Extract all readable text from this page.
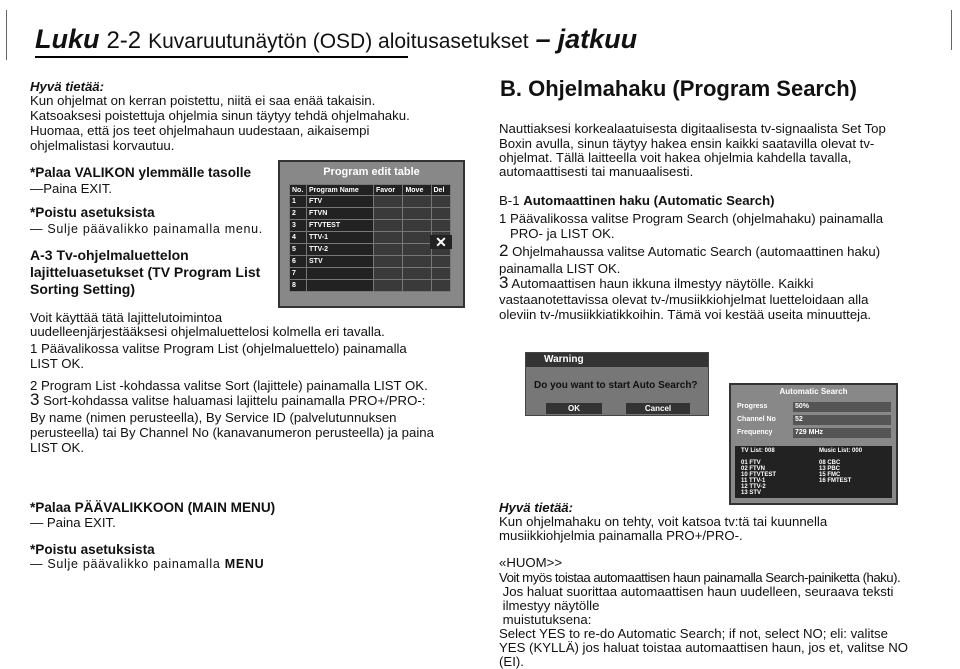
Luku 2-2 Kuvaruutunäytön (OSD) aloitusasetukset – jatkuu
Hyvä tietää:
Kun ohjelmat on kerran poistettu, niitä ei saa enää takaisin.
Katsoaksesi poistettuja ohjelmia sinun täytyy tehdä ohjelmahaku.
Huomaa, että jos teet ohjelmahaun uudestaan, aikaisempi
ohjelmalistasi korvautuu.
*Palaa VALIKON ylemmälle tasolle
—Paina EXIT.
*Poistu asetuksista
— Sulje päävalikko painamalla menu.
A-3 Tv-ohjelmaluettelon
lajitteluasetukset (TV Program List
Sorting Setting)
Voit käyttää tätä lajittelutoimintoa
uudelleenjärjestääksesi ohjelmaluettelosi kolmella eri tavalla.
1 Päävalikossa valitse Program List (ohjelmaluettelo) painamalla
LIST OK.
2 Program List -kohdassa valitse Sort (lajittele) painamalla LIST OK.
3 Sort-kohdassa valitse haluamasi lajittelu painamalla PRO+/PRO-:
By name (nimen perusteella), By Service ID (palvelutunnuksen
perusteella) tai By Channel No (kanavanumeron perusteella) ja paina
LIST OK.
*Palaa PÄÄVALIKKOON (MAIN MENU)
— Paina EXIT.
*Poistu asetuksista
— Sulje päävalikko painamalla MENU
Program edit table
No.	Program Name	Favor	Move	Del
1	FTV			
2	FTVN			
3	FTVTEST			
4	TTV-1			
5	TTV-2			
6	STV			
7				
8				
✕
B. Ohjelmahaku (Program Search)
Nauttiaksesi korkealaatuisesta digitaalisesta tv-signaalista Set Top
Boxin avulla, sinun täytyy hakea ensin kaikki saatavilla olevat tv-
ohjelmat. Tällä laitteella voit hakea ohjelmia kahdella tavalla,
automaattisesti tai manuaalisesti.
B-1 Automaattinen haku (Automatic Search)
1 Päävalikossa valitse Program Search (ohjelmahaku) painamalla
PRO- ja LIST OK.
2 Ohjelmahaussa valitse Automatic Search (automaattinen haku)
painamalla LIST OK.
3 Automaattisen haun ikkuna ilmestyy näytölle. Kaikki
vastaanotettavissa olevat tv-/musiikkiohjelmat luetteloidaan alla
oleviin tv-/musiikkiatikkoihin. Tämä voi kestää useita minuutteja.
Warning
Do you want to start Auto Search?
OK	Cancel
Automatic Search
Progress	50%
Channel No	52
Frequency	729 MHz
TV List: 008

01 FTV
02 FTVN
10 FTVTEST
11 TTV-1
12 TTV-2
13 STV
Music List: 000

08 CBC
13 PBC
15 FMC
16 FMTEST
Hyvä tietää:
Kun ohjelmahaku on tehty, voit katsoa tv:tä tai kuunnella
musiikkiohjelmia painamalla PRO+/PRO-.
«HUOM>>
Voit myös toistaa automaattisen haun painamalla Search-painiketta (haku).
Jos haluat suorittaa automaattisen haun uudelleen, seuraava teksti
ilmestyy näytölle
muistutuksena:
Select YES to re-do Automatic Search; if not, select NO; eli: valitse
YES (KYLLÄ) jos haluat toistaa automaattisen haun, jos et, valitse NO
(EI).
